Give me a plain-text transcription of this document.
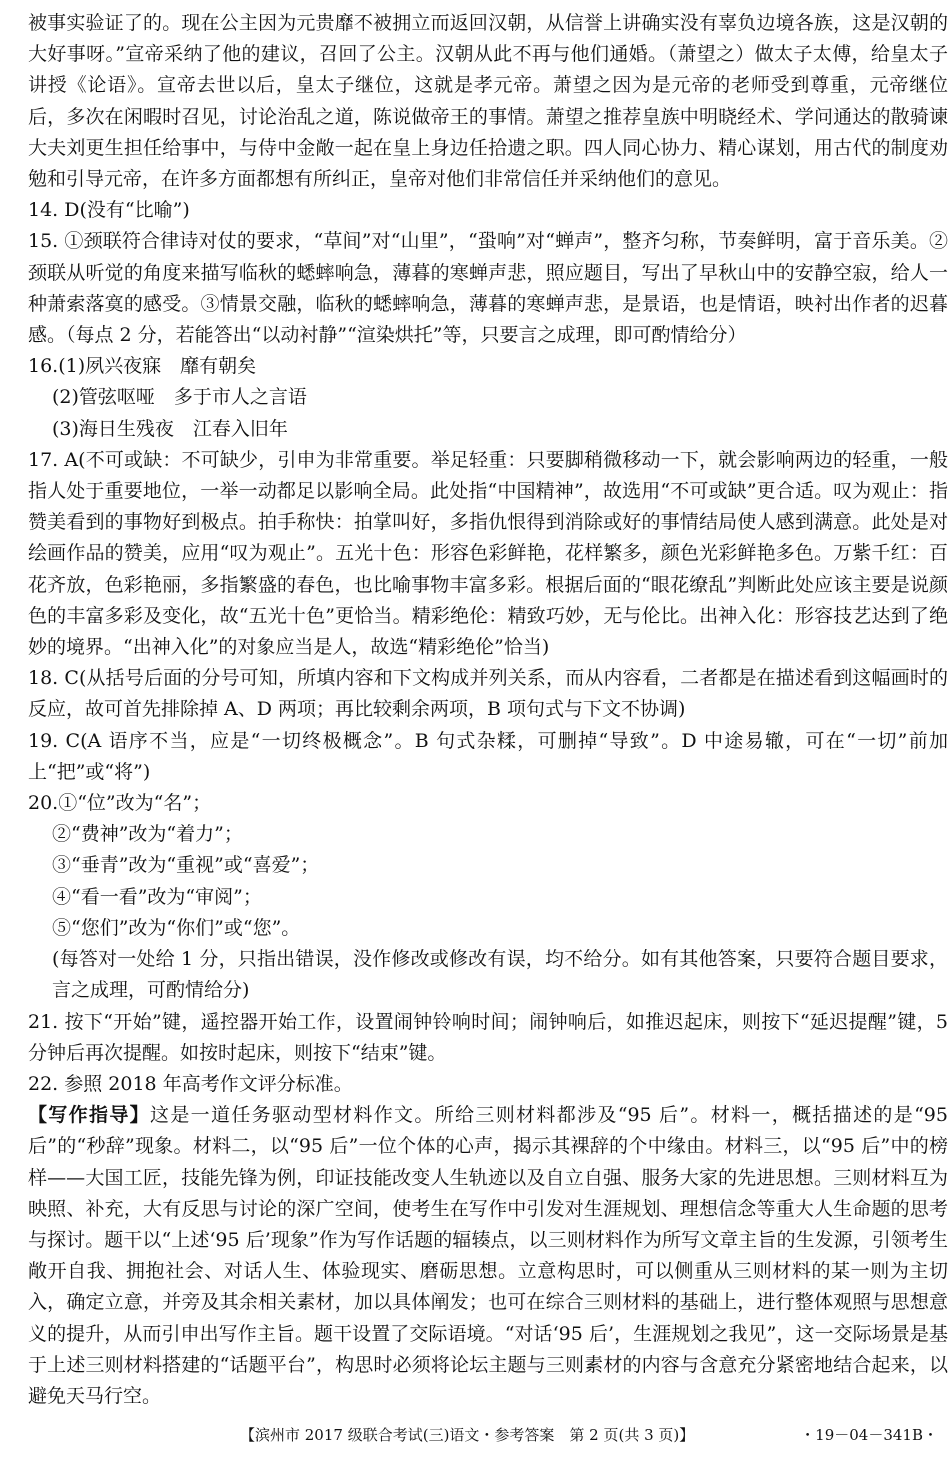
被事实验证了的。现在公主因为元贵靡不被拥立而返回汉朝，从信誉上讲确实没有辜负边境各族，这是汉朝的大好事呀。”宣帝采纳了他的建议，召回了公主。汉朝从此不再与他们通婚。（萧望之）做太子太傅，给皇太子讲授《论语》。宣帝去世以后，皇太子继位，这就是孝元帝。萧望之因为是元帝的老师受到尊重，元帝继位后，多次在闲暇时召见，讨论治乱之道，陈说做帝王的事情。萧望之推荐皇族中明晓经术、学问通达的散骑谏大夫刘更生担任给事中，与侍中金敞一起在皇上身边任拾遗之职。四人同心协力、精心谋划，用古代的制度劝勉和引导元帝，在许多方面都想有所纠正，皇帝对他们非常信任并采纳他们的意见。

14. D(没有“比喻”)

15. ①颈联符合律诗对仗的要求，“草间”对“山里”，“蛩响”对“蝉声”，整齐匀称，节奏鲜明，富于音乐美。②颈联从听觉的角度来描写临秋的蟋蟀响急，薄暮的寒蝉声悲，照应题目，写出了早秋山中的安静空寂，给人一种萧索落寞的感受。③情景交融，临秋的蟋蟀响急，薄暮的寒蝉声悲，是景语，也是情语，映衬出作者的迟暮感。（每点 2 分，若能答出“以动衬静”“渲染烘托”等，只要言之成理，即可酌情给分）

16.(1)夙兴夜寐　靡有朝矣

(2)管弦呕哑　多于市人之言语

(3)海日生残夜　江春入旧年

17. A(不可或缺：不可缺少，引申为非常重要。举足轻重：只要脚稍微移动一下，就会影响两边的轻重，一般指人处于重要地位，一举一动都足以影响全局。此处指“中国精神”，故选用“不可或缺”更合适。叹为观止：指赞美看到的事物好到极点。拍手称快：拍掌叫好，多指仇恨得到消除或好的事情结局使人感到满意。此处是对绘画作品的赞美，应用“叹为观止”。五光十色：形容色彩鲜艳，花样繁多，颜色光彩鲜艳多色。万紫千红：百花齐放，色彩艳丽，多指繁盛的春色，也比喻事物丰富多彩。根据后面的“眼花缭乱”判断此处应该主要是说颜色的丰富多彩及变化，故“五光十色”更恰当。精彩绝伦：精致巧妙，无与伦比。出神入化：形容技艺达到了绝妙的境界。“出神入化”的对象应当是人，故选“精彩绝伦”恰当)

18. C(从括号后面的分号可知，所填内容和下文构成并列关系，而从内容看，二者都是在描述看到这幅画时的反应，故可首先排除掉 A、D 两项；再比较剩余两项，B 项句式与下文不协调)

19. C(A 语序不当，应是“一切终极概念”。B 句式杂糅，可删掉“导致”。D 中途易辙，可在“一切”前加上“把”或“将”)

20.①“位”改为“名”；

②“费神”改为“着力”；

③“垂青”改为“重视”或“喜爱”；

④“看一看”改为“审阅”；

⑤“您们”改为“你们”或“您”。

(每答对一处给 1 分，只指出错误，没作修改或修改有误，均不给分。如有其他答案，只要符合题目要求，言之成理，可酌情给分)

21. 按下“开始”键，遥控器开始工作，设置闹钟铃响时间；闹钟响后，如推迟起床，则按下“延迟提醒”键，5 分钟后再次提醒。如按时起床，则按下“结束”键。

22. 参照 2018 年高考作文评分标准。

【写作指导】这是一道任务驱动型材料作文。所给三则材料都涉及“95 后”。材料一，概括描述的是“95 后”的“秒辞”现象。材料二，以“95 后”一位个体的心声，揭示其裸辞的个中缘由。材料三，以“95 后”中的榜样——大国工匠，技能先锋为例，印证技能改变人生轨迹以及自立自强、服务大家的先进思想。三则材料互为映照、补充，大有反思与讨论的深广空间，使考生在写作中引发对生涯规划、理想信念等重大人生命题的思考与探讨。题干以“上述‘95 后’现象”作为写作话题的辐辏点，以三则材料作为所写文章主旨的生发源，引领考生敞开自我、拥抱社会、对话人生、体验现实、磨砺思想。立意构思时，可以侧重从三则材料的某一则为主切入，确定立意，并旁及其余相关素材，加以具体阐发；也可在综合三则材料的基础上，进行整体观照与思想意义的提升，从而引申出写作主旨。题干设置了交际语境。“对话‘95 后’，生涯规划之我见”，这一交际场景是基于上述三则材料搭建的“话题平台”，构思时必须将论坛主题与三则素材的内容与含意充分紧密地结合起来，以避免天马行空。

【滨州市 2017 级联合考试(三)语文・参考答案　第 2 页(共 3 页)】	・19－04－341B・
